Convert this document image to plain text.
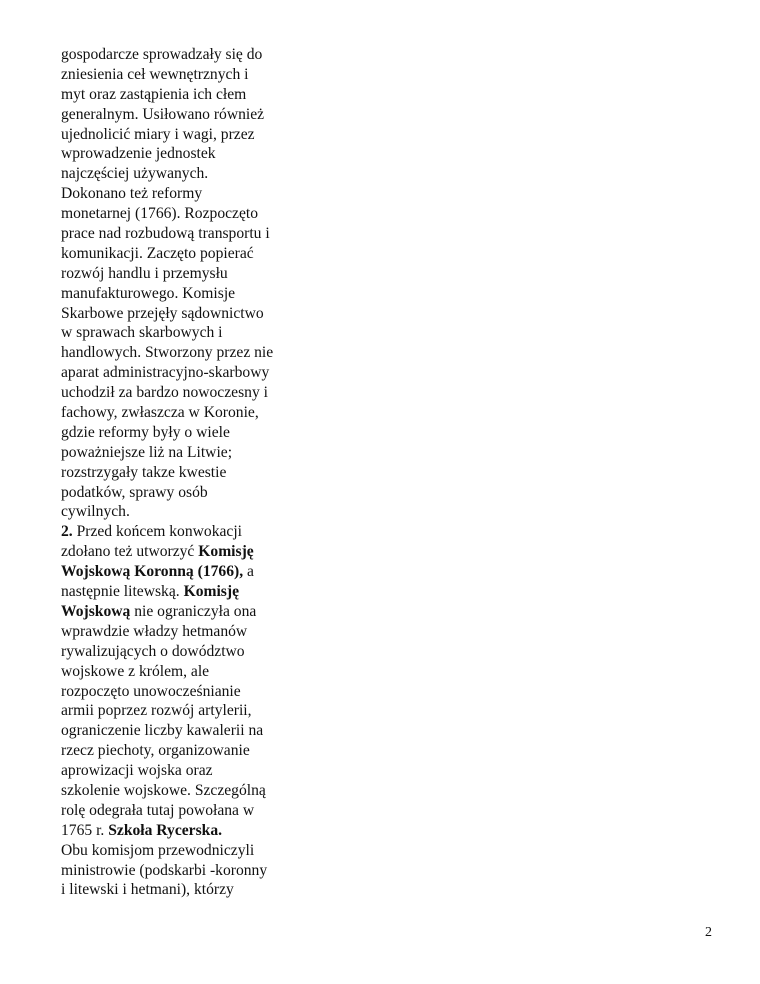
gospodarcze sprowadzały się do
zniesienia ceł wewnętrznych i
myt oraz zastąpienia ich cłem
generalnym. Usiłowano również
ujednolicić miary i wagi, przez
wprowadzenie jednostek
najczęściej używanych.
Dokonano też reformy
monetarnej (1766). Rozpoczęto
prace nad rozbudową transportu i
komunikacji. Zaczęto popierać
rozwój handlu i przemysłu
manufakturowego. Komisje
Skarbowe przejęły sądownictwo
w sprawach skarbowych i
handlowych. Stworzony przez nie
aparat administracyjno-skarbowy
uchodził za bardzo nowoczesny i
fachowy, zwłaszcza w Koronie,
gdzie reformy były o wiele
poważniejsze liż na Litwie;
rozstrzygały takze kwestie
podatków, sprawy osób
cywilnych.
2. Przed końcem konwokacji
zdołano też utworzyć Komisję
Wojskową Koronną (1766), a
następnie litewską. Komisję
Wojskową nie ograniczyła ona
wprawdzie władzy hetmanów
rywalizujących o dowództwo
wojskowe z królem, ale
rozpoczęto unowocześnianie
armii poprzez rozwój artylerii,
ograniczenie liczby kawalerii na
rzecz piechoty, organizowanie
aprowizacji wojska oraz
szkolenie wojskowe. Szczególną
rolę odegrała tutaj powołana w
1765 r. Szkoła Rycerska.
Obu komisjom przewodniczyli
ministrowie (podskarbi -koronny
i litewski i hetmani), którzy
2
